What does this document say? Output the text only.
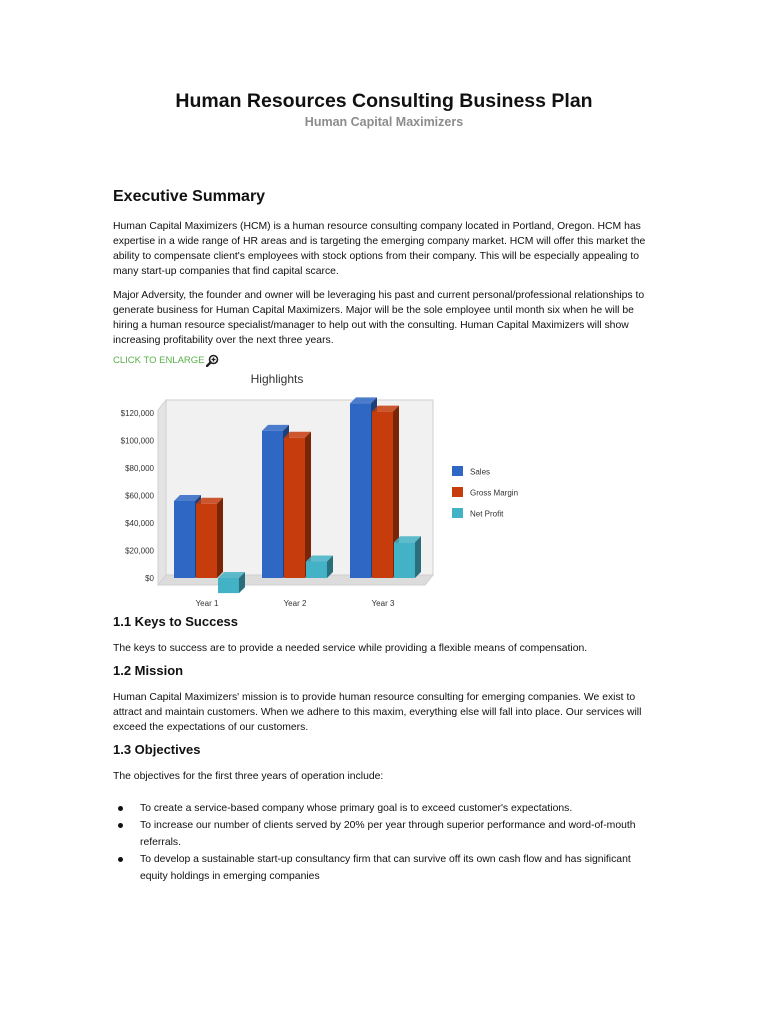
Human Resources Consulting Business Plan
Human Capital Maximizers
Executive Summary

Human Capital Maximizers (HCM) is a human resource consulting company located in Portland, Oregon. HCM has expertise in a wide range of HR areas and is targeting the emerging company market. HCM will offer this market the ability to compensate client's employees with stock options from their company. This will be especially appealing to many start-up companies that find capital scarce.

Major Adversity, the founder and owner will be leveraging his past and current personal/professional relationships to generate business for Human Capital Maximizers. Major will be the sole employee until month six when he will be hiring a human resource specialist/manager to help out with the consulting. Human Capital Maximizers will show increasing profitability over the next three years.

CLICK TO ENLARGE
Highlights
$0
$20,000
$40,000
$60,000
$80,000
$100,000
$120,000
Year 1	Year 2	Year 3
Sales
Gross Margin
Net Profit
1.1 Keys to Success

The keys to success are to provide a needed service while providing a flexible means of compensation.

1.2 Mission

Human Capital Maximizers' mission is to provide human resource consulting for emerging companies. We exist to attract and maintain customers. When we adhere to this maxim, everything else will fall into place. Our services will exceed the expectations of our customers.

1.3 Objectives

The objectives for the first three years of operation include:

To create a service-based company whose primary goal is to exceed customer's expectations.
To increase our number of clients served by 20% per year through superior performance and word-of-mouth referrals.
To develop a sustainable start-up consultancy firm that can survive off its own cash flow and has significant equity holdings in emerging companies
